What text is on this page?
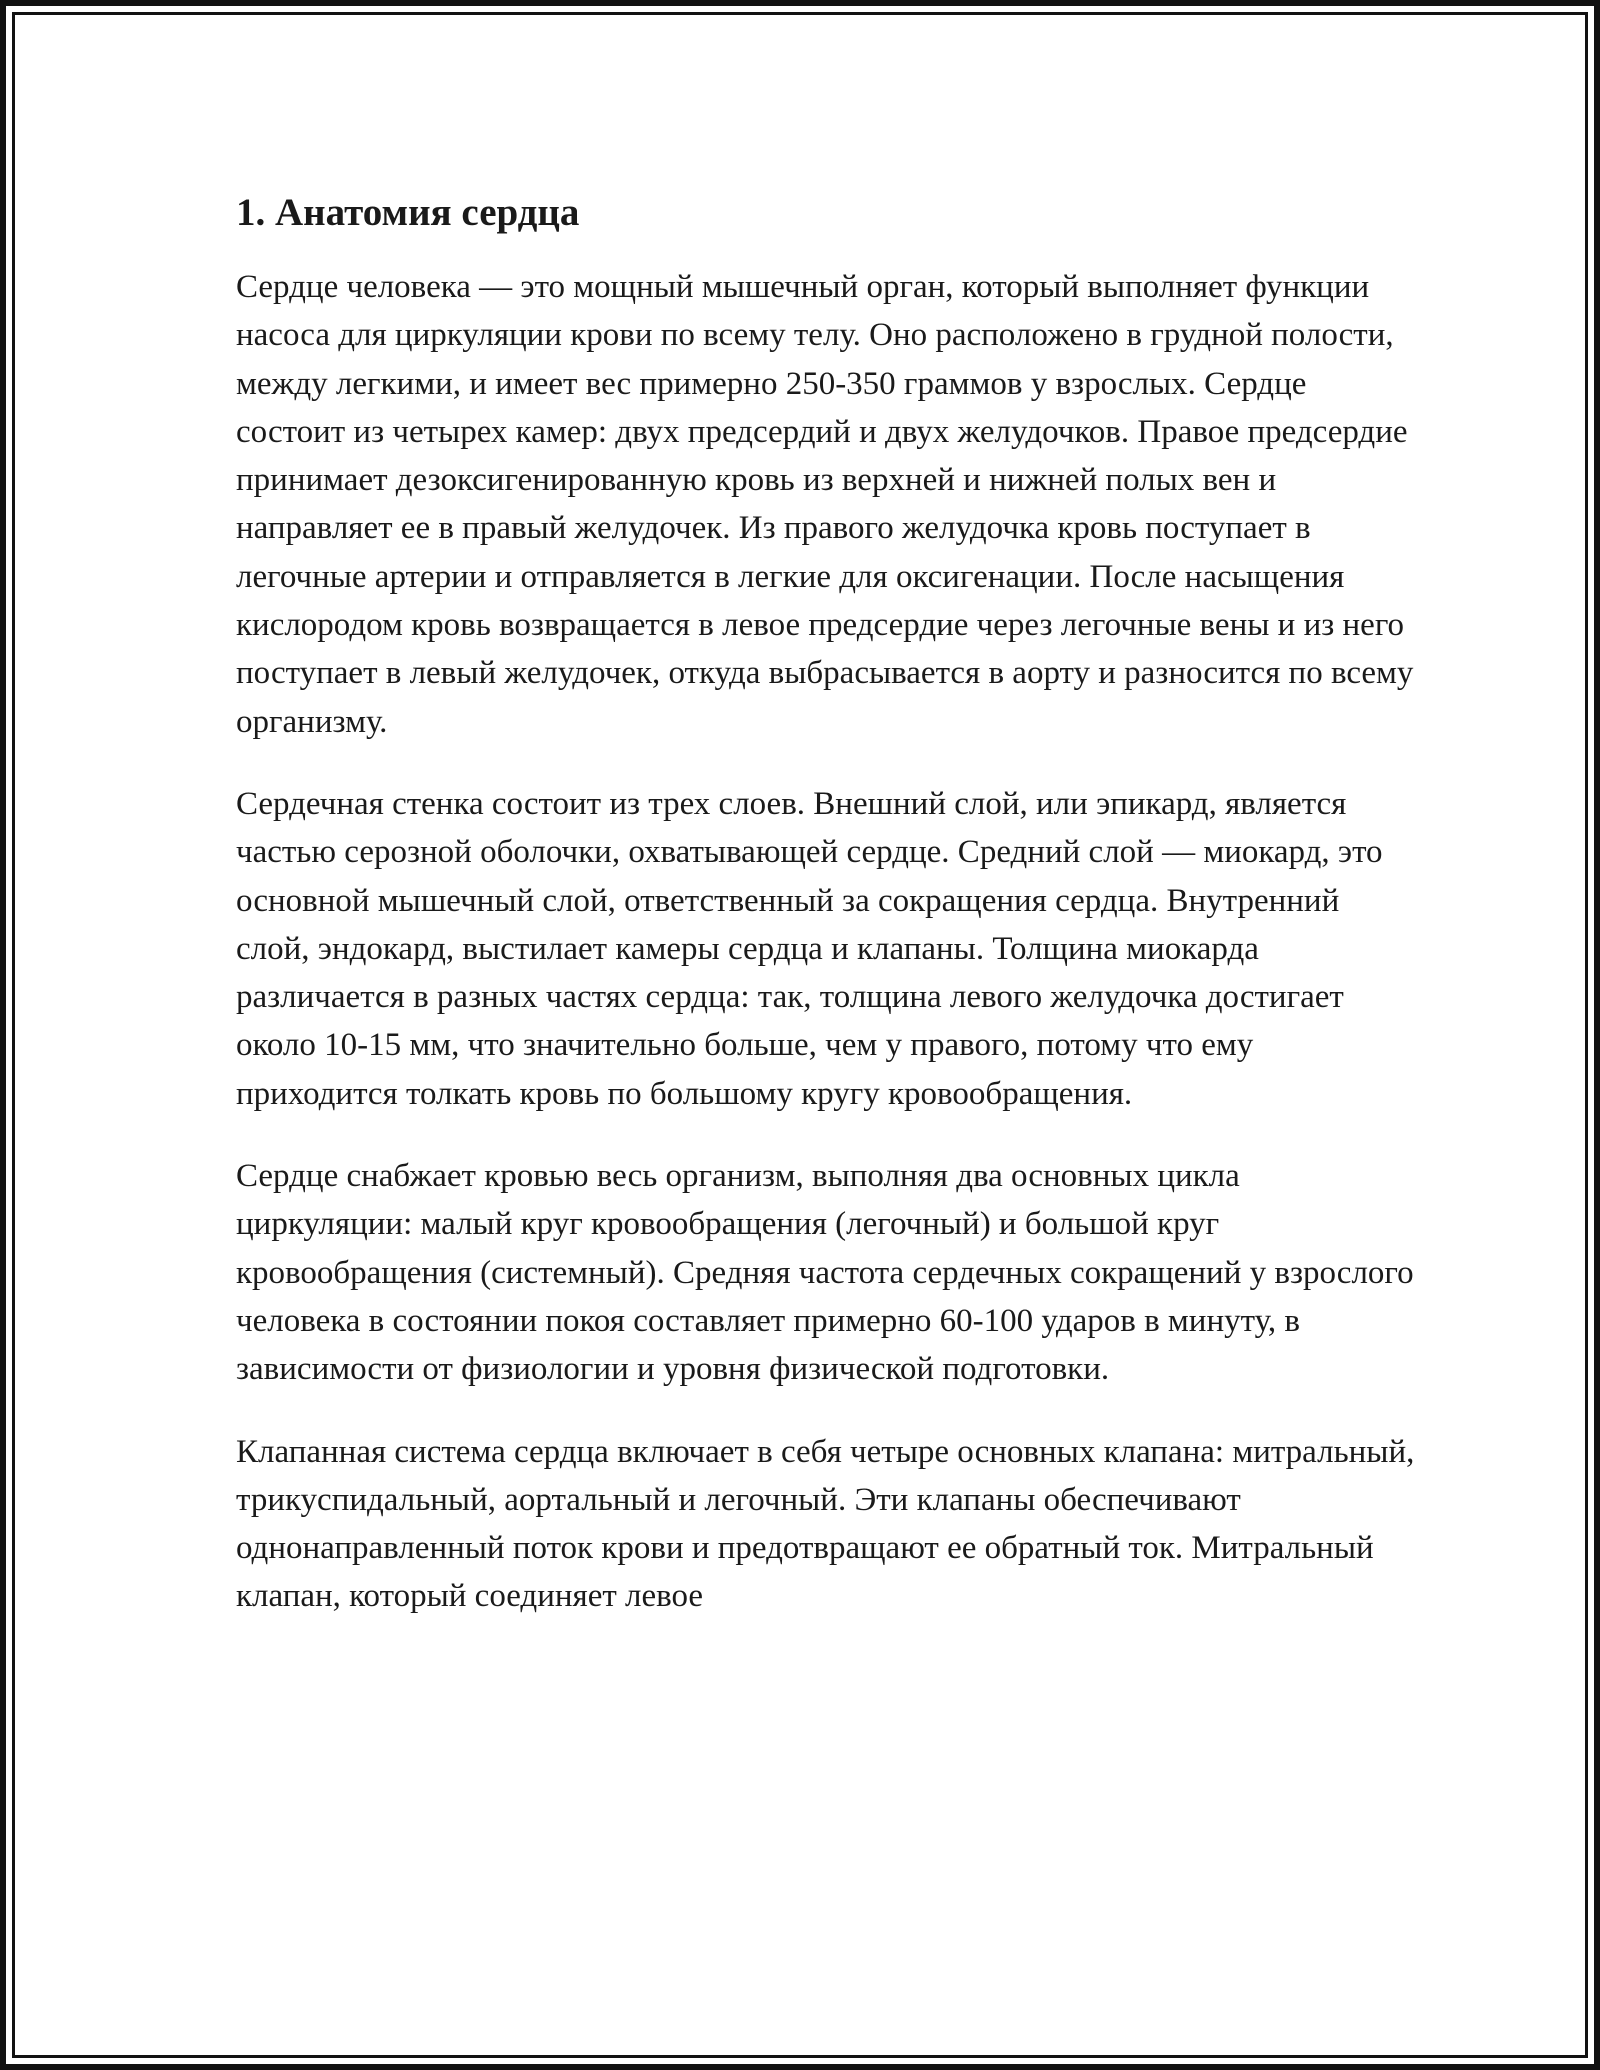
1. Анатомия сердца

Сердце человека — это мощный мышечный орган, который выполняет функции насоса для циркуляции крови по всему телу. Оно расположено в грудной полости, между легкими, и имеет вес примерно 250-350 граммов у взрослых. Сердце состоит из четырех камер: двух предсердий и двух желудочков. Правое предсердие принимает дезоксигенированную кровь из верхней и нижней полых вен и направляет ее в правый желудочек. Из правого желудочка кровь поступает в легочные артерии и отправляется в легкие для оксигенации. После насыщения кислородом кровь возвращается в левое предсердие через легочные вены и из него поступает в левый желудочек, откуда выбрасывается в аорту и разносится по всему организму.

Сердечная стенка состоит из трех слоев. Внешний слой, или эпикард, является частью серозной оболочки, охватывающей сердце. Средний слой — миокард, это основной мышечный слой, ответственный за сокращения сердца. Внутренний слой, эндокард, выстилает камеры сердца и клапаны. Толщина миокарда различается в разных частях сердца: так, толщина левого желудочка достигает около 10-15 мм, что значительно больше, чем у правого, потому что ему приходится толкать кровь по большому кругу кровообращения.

Сердце снабжает кровью весь организм, выполняя два основных цикла циркуляции: малый круг кровообращения (легочный) и большой круг кровообращения (системный). Средняя частота сердечных сокращений у взрослого человека в состоянии покоя составляет примерно 60-100 ударов в минуту, в зависимости от физиологии и уровня физической подготовки.

Клапанная система сердца включает в себя четыре основных клапана: митральный, трикуспидальный, аортальный и легочный. Эти клапаны обеспечивают однонаправленный поток крови и предотвращают ее обратный ток. Митральный клапан, который соединяет левое
